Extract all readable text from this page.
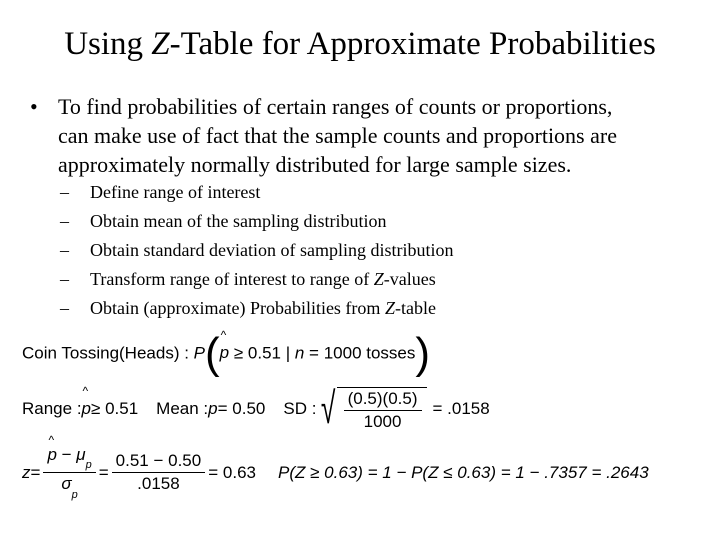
Using Z-Table for Approximate Probabilities
• To find probabilities of certain ranges of counts or proportions,
can make use of fact that the sample counts and proportions are
approximately normally distributed for large sample sizes.
– Define range of interest
– Obtain mean of the sampling distribution
– Obtain standard deviation of sampling distribution
– Transform range of interest to range of Z-values
– Obtain (approximate) Probabilities from Z-table
Coin Tossing(Heads) : P( ^
p ≥ 0.51 | n = 1000 tosses)
Range :
^
p ≥ 0.51 Mean : p = 0.50 SD : √ $\frac{(0.5)(0.5)}{1000} = .0158$
z = ^
$p - \mu_p$
$\sigma_p = \frac{0.51 - 0.50}{.0158} = 0.63$ P(Z ≥ 0.63) = 1 − P(Z ≤ 0.63) = 1 − .7357 = .2643
